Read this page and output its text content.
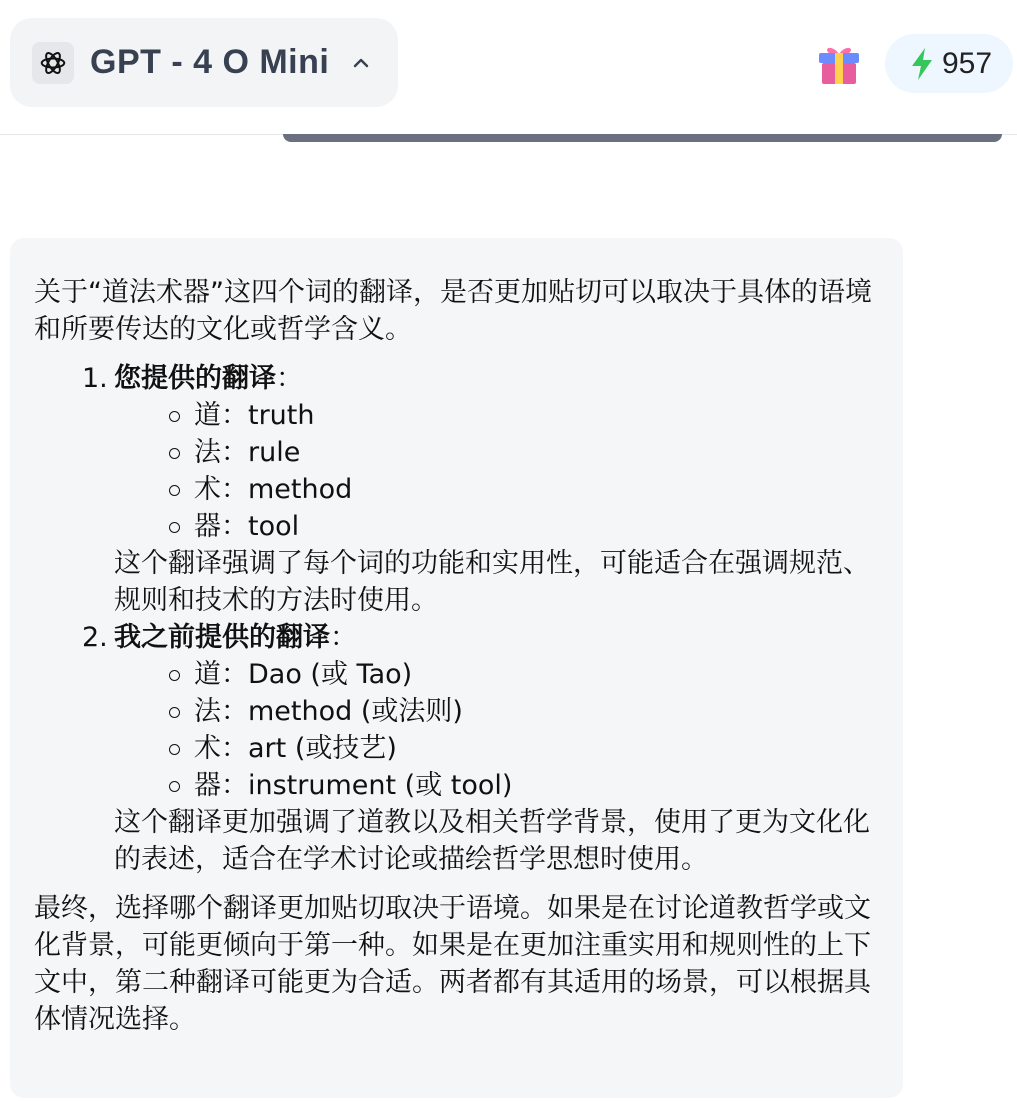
GPT - 4 O Mini	957

关于“道法术器”这四个词的翻译，是否更加贴切可以取决于具体的语境和所要传达的文化或哲学含义。

1. 您提供的翻译：
道：truth
法：rule
术：method
器：tool

这个翻译强调了每个词的功能和实用性，可能适合在强调规范、规则和技术的方法时使用。

2. 我之前提供的翻译：
道：Dao (或 Tao)
法：method (或法则)
术：art (或技艺)
器：instrument (或 tool)

这个翻译更加强调了道教以及相关哲学背景，使用了更为文化化的表述，适合在学术讨论或描绘哲学思想时使用。

最终，选择哪个翻译更加贴切取决于语境。如果是在讨论道教哲学或文化背景，可能更倾向于第一种。如果是在更加注重实用和规则性的上下文中，第二种翻译可能更为合适。两者都有其适用的场景，可以根据具体情况选择。
